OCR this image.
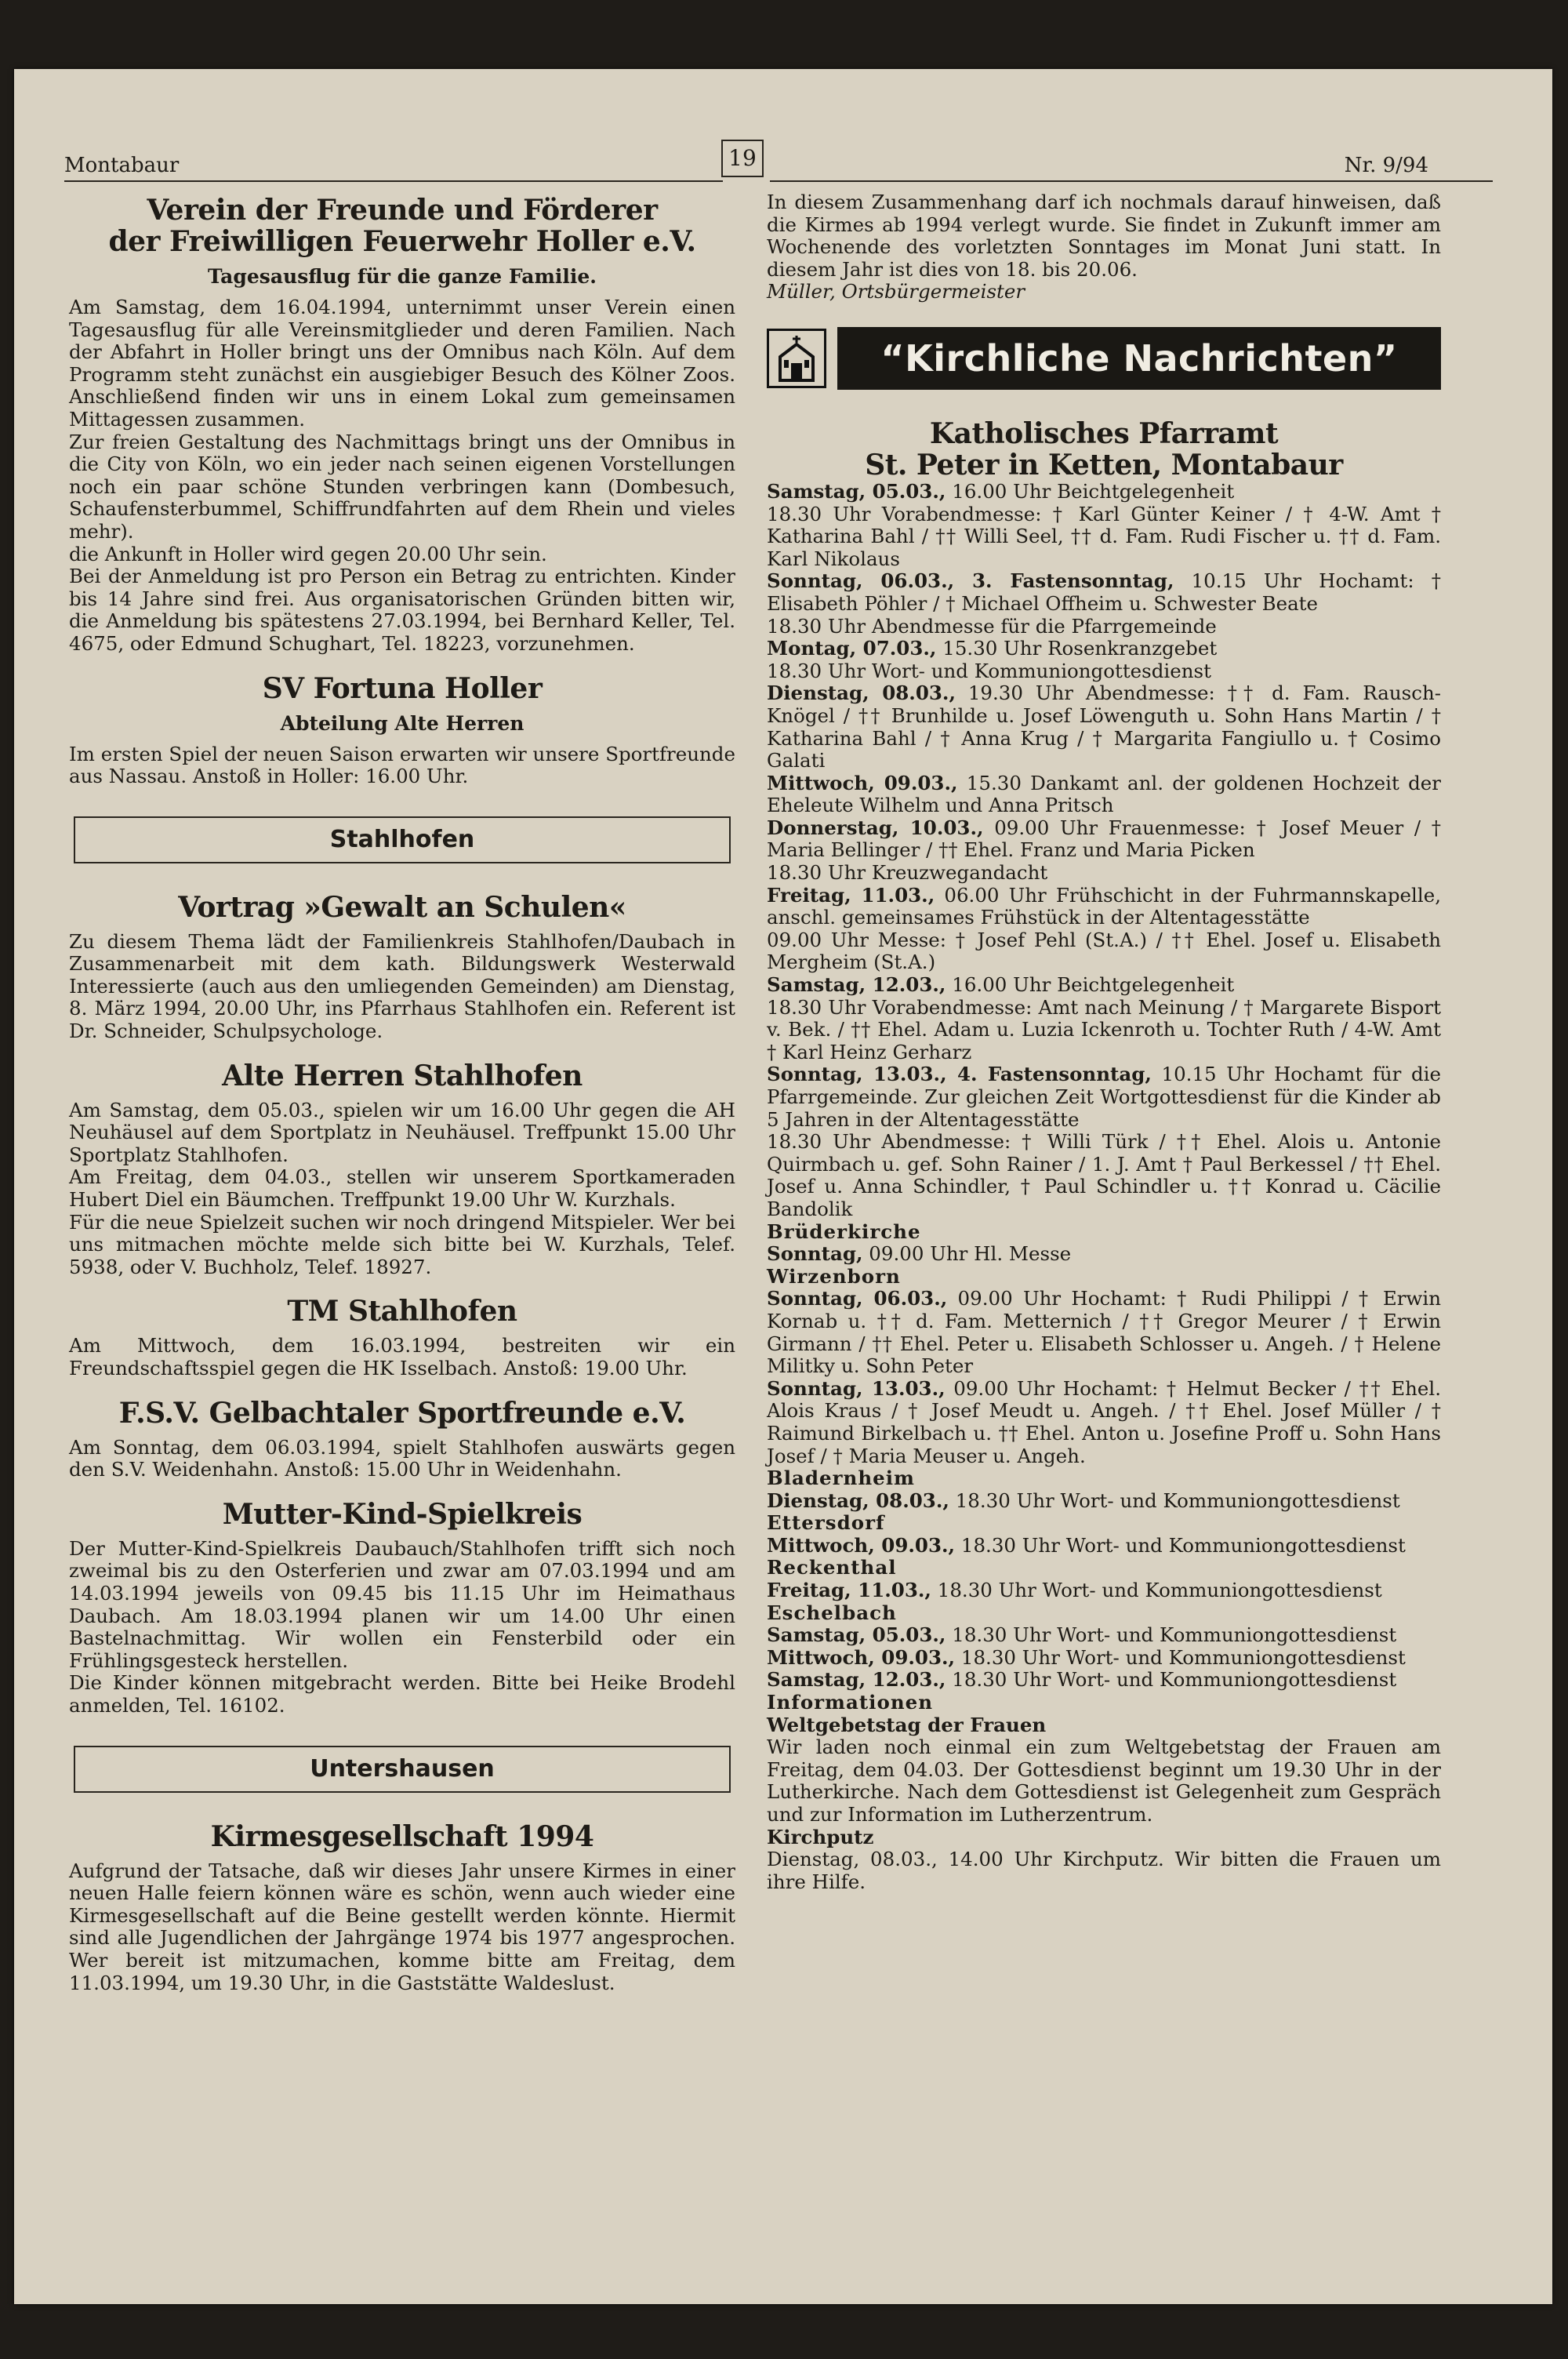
Montabaur	Nr. 9/94
19
Verein der Freunde und Förderer
der Freiwilligen Feuerwehr Holler e.V.
Tagesausflug für die ganze Familie.

Am Samstag, dem 16.04.1994, unternimmt unser Verein einen Tagesausflug für alle Vereinsmitglieder und deren Familien. Nach der Abfahrt in Holler bringt uns der Omnibus nach Köln. Auf dem Programm steht zunächst ein ausgiebiger Besuch des Kölner Zoos. Anschließend finden wir uns in einem Lokal zum gemeinsamen Mittagessen zusammen.

Zur freien Gestaltung des Nachmittags bringt uns der Omnibus in die City von Köln, wo ein jeder nach seinen eigenen Vorstellungen noch ein paar schöne Stunden verbringen kann (Dombesuch, Schaufensterbummel, Schiffrundfahrten auf dem Rhein und vieles mehr).

die Ankunft in Holler wird gegen 20.00 Uhr sein.

Bei der Anmeldung ist pro Person ein Betrag zu entrichten. Kinder bis 14 Jahre sind frei. Aus organisatorischen Gründen bitten wir, die Anmeldung bis spätestens 27.03.1994, bei Bernhard Keller, Tel. 4675, oder Edmund Schughart, Tel. 18223, vorzunehmen.

SV Fortuna Holler
Abteilung Alte Herren

Im ersten Spiel der neuen Saison erwarten wir unsere Sportfreunde aus Nassau. Anstoß in Holler: 16.00 Uhr.

Stahlhofen
Vortrag »Gewalt an Schulen«

Zu diesem Thema lädt der Familienkreis Stahlhofen/Daubach in Zusammenarbeit mit dem kath. Bildungswerk Westerwald Interessierte (auch aus den umliegenden Gemeinden) am Dienstag, 8. März 1994, 20.00 Uhr, ins Pfarrhaus Stahlhofen ein. Referent ist Dr. Schneider, Schulpsychologe.

Alte Herren Stahlhofen

Am Samstag, dem 05.03., spielen wir um 16.00 Uhr gegen die AH Neuhäusel auf dem Sportplatz in Neuhäusel. Treffpunkt 15.00 Uhr Sportplatz Stahlhofen.

Am Freitag, dem 04.03., stellen wir unserem Sportkameraden Hubert Diel ein Bäumchen. Treffpunkt 19.00 Uhr W. Kurzhals.

Für die neue Spielzeit suchen wir noch dringend Mitspieler. Wer bei uns mitmachen möchte melde sich bitte bei W. Kurzhals, Telef. 5938, oder V. Buchholz, Telef. 18927.

TM Stahlhofen

Am Mittwoch, dem 16.03.1994, bestreiten wir ein Freundschaftsspiel gegen die HK Isselbach. Anstoß: 19.00 Uhr.

F.S.V. Gelbachtaler Sportfreunde e.V.

Am Sonntag, dem 06.03.1994, spielt Stahlhofen auswärts gegen den S.V. Weidenhahn. Anstoß: 15.00 Uhr in Weidenhahn.

Mutter-Kind-Spielkreis

Der Mutter-Kind-Spielkreis Daubauch/Stahlhofen trifft sich noch zweimal bis zu den Osterferien und zwar am 07.03.1994 und am 14.03.1994 jeweils von 09.45 bis 11.15 Uhr im Heimathaus Daubach. Am 18.03.1994 planen wir um 14.00 Uhr einen Bastelnachmittag. Wir wollen ein Fensterbild oder ein Frühlingsgesteck herstellen.

Die Kinder können mitgebracht werden. Bitte bei Heike Brodehl anmelden, Tel. 16102.

Untershausen
Kirmesgesellschaft 1994

Aufgrund der Tatsache, daß wir dieses Jahr unsere Kirmes in einer neuen Halle feiern können wäre es schön, wenn auch wieder eine Kirmesgesellschaft auf die Beine gestellt werden könnte. Hiermit sind alle Jugendlichen der Jahrgänge 1974 bis 1977 angesprochen. Wer bereit ist mitzumachen, komme bitte am Freitag, dem 11.03.1994, um 19.30 Uhr, in die Gaststätte Waldeslust.

In diesem Zusammenhang darf ich nochmals darauf hinweisen, daß die Kirmes ab 1994 verlegt wurde. Sie findet in Zukunft immer am Wochenende des vorletzten Sonntages im Monat Juni statt. In diesem Jahr ist dies von 18. bis 20.06.

Müller, Ortsbürgermeister

“Kirchliche Nachrichten”
Katholisches Pfarramt
St. Peter in Ketten, Montabaur

Samstag, 05.03., 16.00 Uhr Beichtgelegenheit

18.30 Uhr Vorabendmesse: † Karl Günter Keiner / † 4-W. Amt † Katharina Bahl / †† Willi Seel, †† d. Fam. Rudi Fischer u. †† d. Fam. Karl Nikolaus

Sonntag, 06.03., 3. Fastensonntag, 10.15 Uhr Hochamt: † Elisabeth Pöhler / † Michael Offheim u. Schwester Beate

18.30 Uhr Abendmesse für die Pfarrgemeinde

Montag, 07.03., 15.30 Uhr Rosenkranzgebet

18.30 Uhr Wort- und Kommuniongottesdienst

Dienstag, 08.03., 19.30 Uhr Abendmesse: †† d. Fam. Rausch-Knögel / †† Brunhilde u. Josef Löwenguth u. Sohn Hans Martin / † Katharina Bahl / † Anna Krug / † Margarita Fangiullo u. † Cosimo Galati

Mittwoch, 09.03., 15.30 Dankamt anl. der goldenen Hochzeit der Eheleute Wilhelm und Anna Pritsch

Donnerstag, 10.03., 09.00 Uhr Frauenmesse: † Josef Meuer / † Maria Bellinger / †† Ehel. Franz und Maria Picken

18.30 Uhr Kreuzwegandacht

Freitag, 11.03., 06.00 Uhr Frühschicht in der Fuhrmannskapelle, anschl. gemeinsames Frühstück in der Altentagesstätte

09.00 Uhr Messe: † Josef Pehl (St.A.) / †† Ehel. Josef u. Elisabeth Mergheim (St.A.)

Samstag, 12.03., 16.00 Uhr Beichtgelegenheit

18.30 Uhr Vorabendmesse: Amt nach Meinung / † Margarete Bisport v. Bek. / †† Ehel. Adam u. Luzia Ickenroth u. Tochter Ruth / 4-W. Amt † Karl Heinz Gerharz

Sonntag, 13.03., 4. Fastensonntag, 10.15 Uhr Hochamt für die Pfarrgemeinde. Zur gleichen Zeit Wortgottesdienst für die Kinder ab 5 Jahren in der Altentagesstätte

18.30 Uhr Abendmesse: † Willi Türk / †† Ehel. Alois u. Antonie Quirmbach u. gef. Sohn Rainer / 1. J. Amt † Paul Berkessel / †† Ehel. Josef u. Anna Schindler, † Paul Schindler u. †† Konrad u. Cäcilie Bandolik

Brüderkirche

Sonntag, 09.00 Uhr Hl. Messe

Wirzenborn

Sonntag, 06.03., 09.00 Uhr Hochamt: † Rudi Philippi / † Erwin Kornab u. †† d. Fam. Metternich / †† Gregor Meurer / † Erwin Girmann / †† Ehel. Peter u. Elisabeth Schlosser u. Angeh. / † Helene Militky u. Sohn Peter

Sonntag, 13.03., 09.00 Uhr Hochamt: † Helmut Becker / †† Ehel. Alois Kraus / † Josef Meudt u. Angeh. / †† Ehel. Josef Müller / † Raimund Birkelbach u. †† Ehel. Anton u. Josefine Proff u. Sohn Hans Josef / † Maria Meuser u. Angeh.

Bladernheim

Dienstag, 08.03., 18.30 Uhr Wort- und Kommuniongottesdienst

Ettersdorf

Mittwoch, 09.03., 18.30 Uhr Wort- und Kommuniongottesdienst

Reckenthal

Freitag, 11.03., 18.30 Uhr Wort- und Kommuniongottesdienst

Eschelbach

Samstag, 05.03., 18.30 Uhr Wort- und Kommuniongottesdienst

Mittwoch, 09.03., 18.30 Uhr Wort- und Kommuniongottesdienst

Samstag, 12.03., 18.30 Uhr Wort- und Kommuniongottesdienst

Informationen

Weltgebetstag der Frauen

Wir laden noch einmal ein zum Weltgebetstag der Frauen am Freitag, dem 04.03. Der Gottesdienst beginnt um 19.30 Uhr in der Lutherkirche. Nach dem Gottesdienst ist Gelegenheit zum Gespräch und zur Information im Lutherzentrum.

Kirchputz

Dienstag, 08.03., 14.00 Uhr Kirchputz. Wir bitten die Frauen um ihre Hilfe.
